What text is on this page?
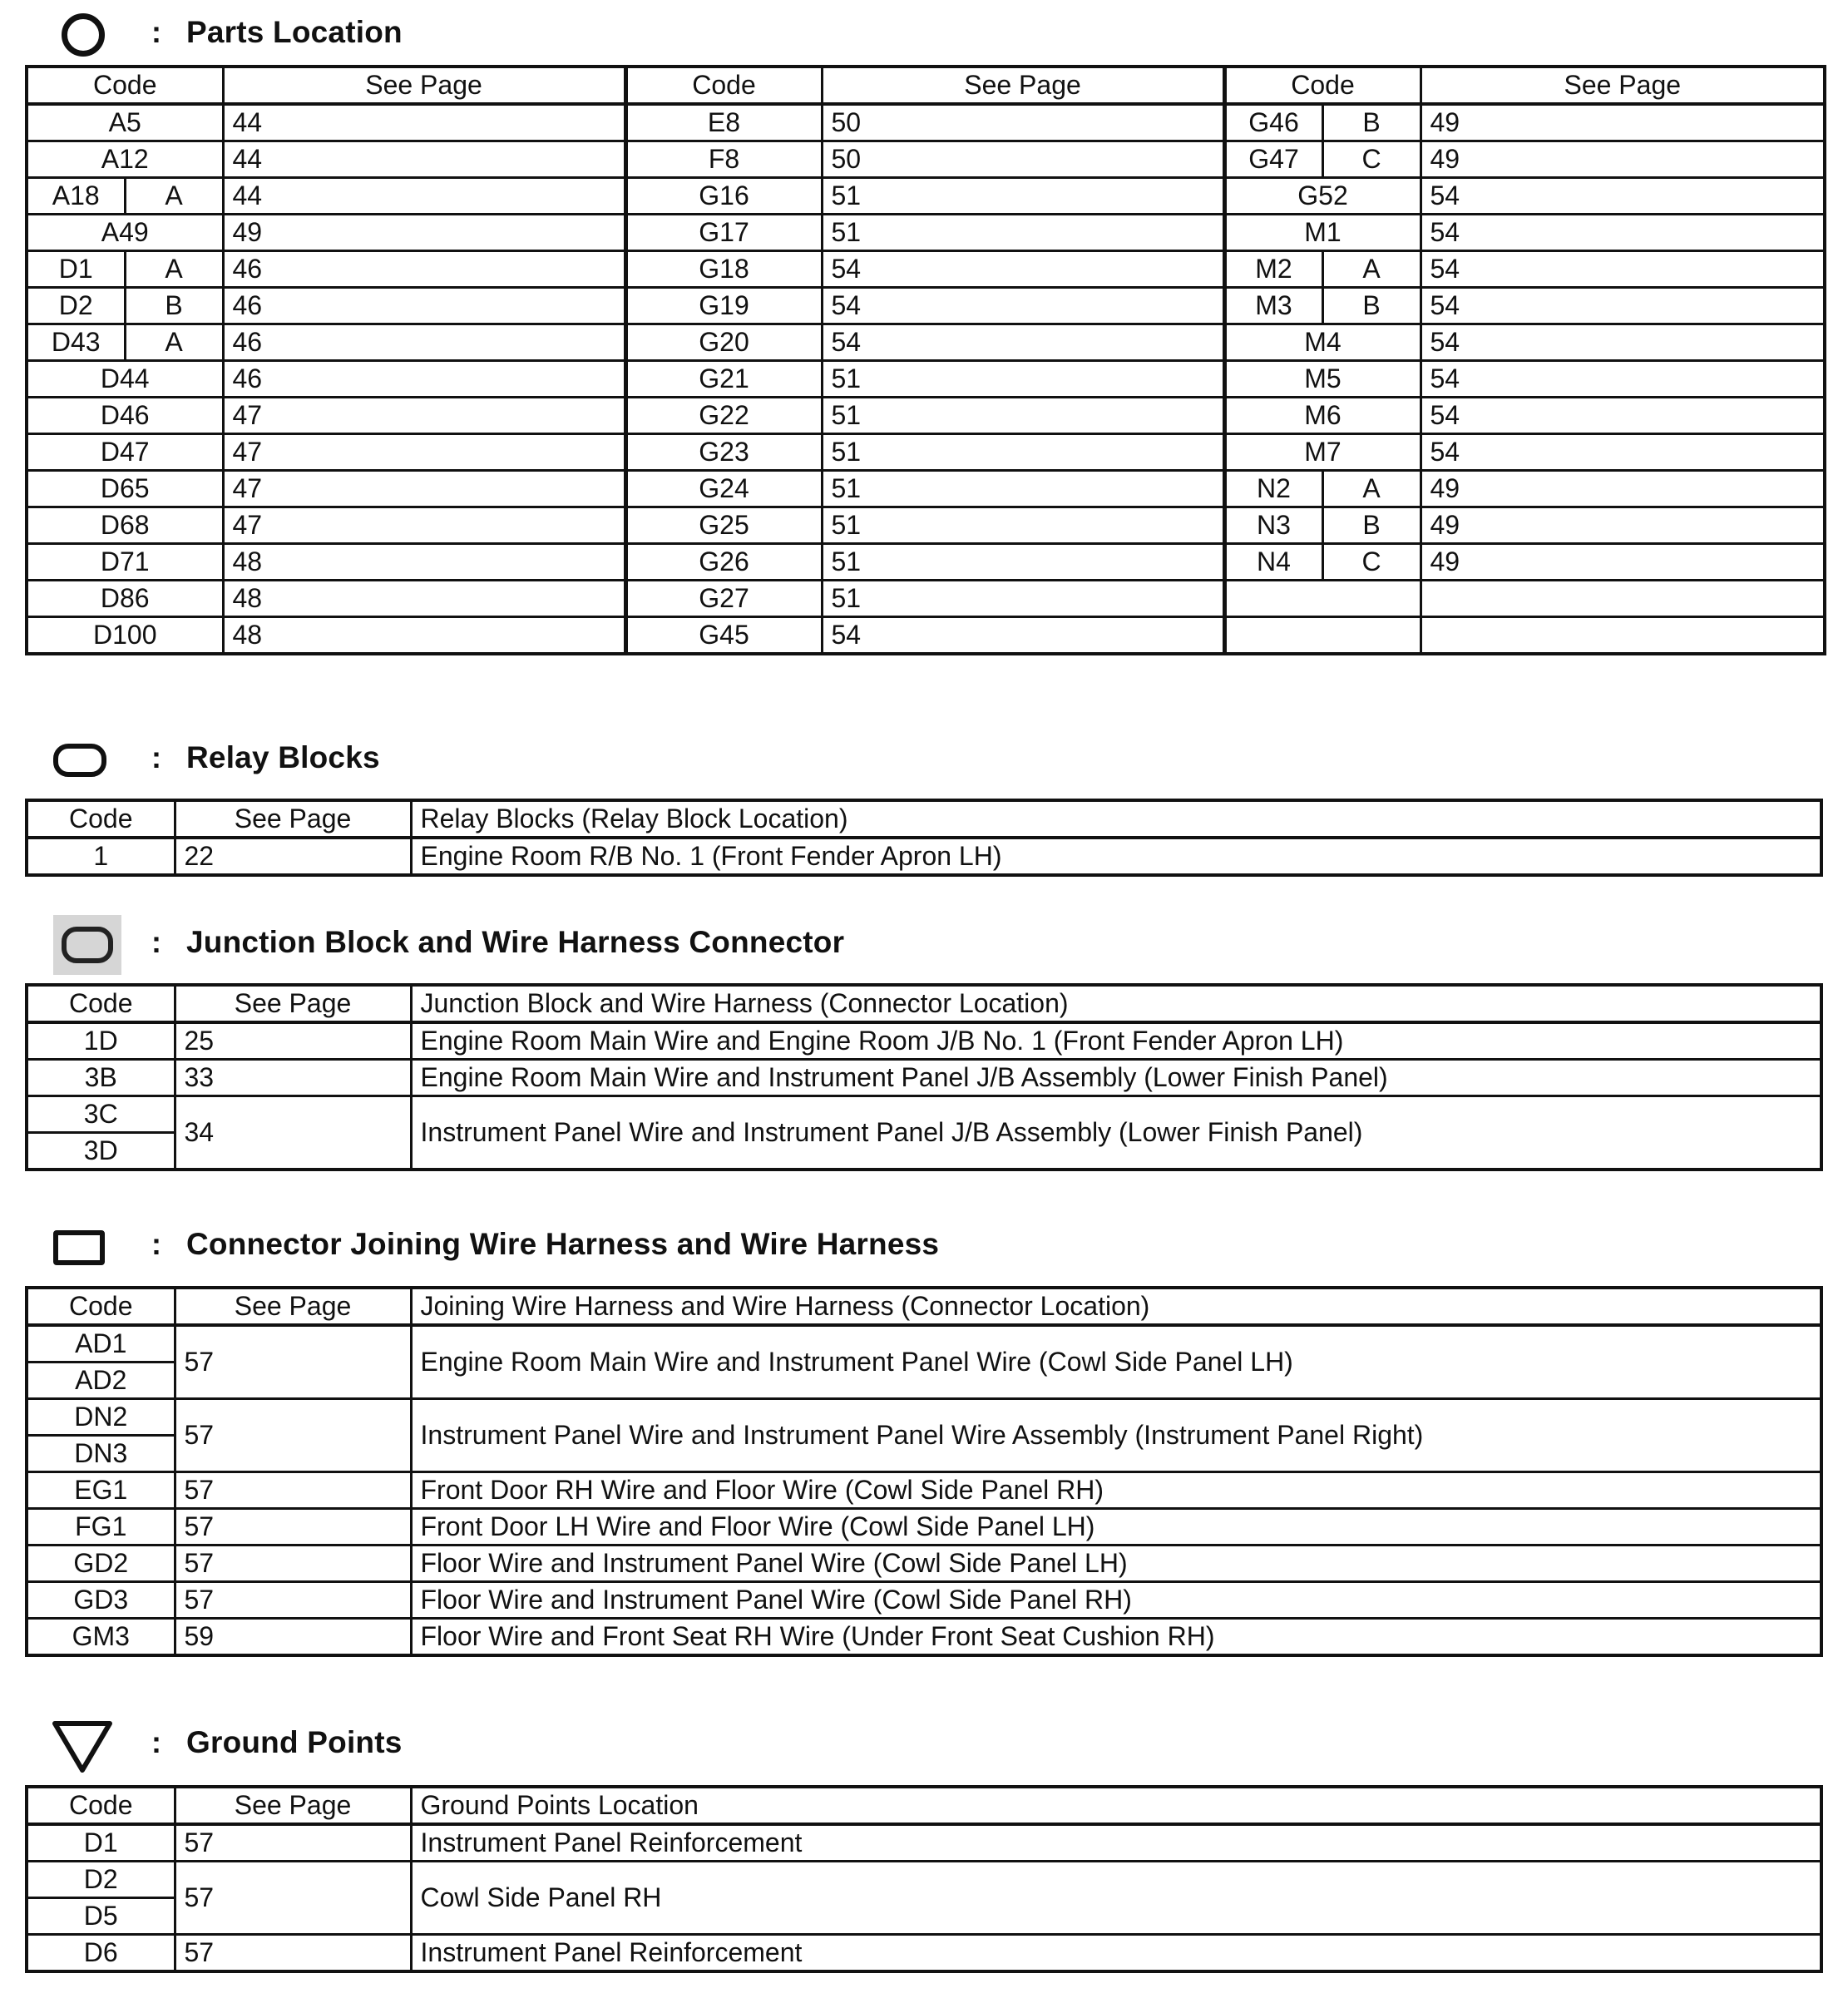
: Parts Location
Code		See Page	Code	See Page	Code		See Page
A5		44	E8	50	G46	B	49
A12		44	F8	50	G47	C	49
A18	A	44	G16	51	G52		54
A49		49	G17	51	M1		54
D1	A	46	G18	54	M2	A	54
D2	B	46	G19	54	M3	B	54
D43	A	46	G20	54	M4		54
D44		46	G21	51	M5		54
D46		47	G22	51	M6		54
D47		47	G23	51	M7		54
D65		47	G24	51	N2	A	49
D68		47	G25	51	N3	B	49
D71		48	G26	51	N4	C	49
D86		48	G27	51			
D100		48	G45	54			
: Relay Blocks
Code	See Page	Relay Blocks (Relay Block Location)
1	22	Engine Room R/B No. 1 (Front Fender Apron LH)
: Junction Block and Wire Harness Connector
Code	See Page	Junction Block and Wire Harness (Connector Location)
1D	25	Engine Room Main Wire and Engine Room J/B No. 1 (Front Fender Apron LH)
3B	33	Engine Room Main Wire and Instrument Panel J/B Assembly (Lower Finish Panel)
3C	34	Instrument Panel Wire and Instrument Panel J/B Assembly (Lower Finish Panel)
3D		
: Connector Joining Wire Harness and Wire Harness
Code	See Page	Joining Wire Harness and Wire Harness (Connector Location)
AD1	57	Engine Room Main Wire and Instrument Panel Wire (Cowl Side Panel LH)
AD2		
DN2	57	Instrument Panel Wire and Instrument Panel Wire Assembly (Instrument Panel Right)
DN3		
EG1	57	Front Door RH Wire and Floor Wire (Cowl Side Panel RH)
FG1	57	Front Door LH Wire and Floor Wire (Cowl Side Panel LH)
GD2	57	Floor Wire and Instrument Panel Wire (Cowl Side Panel LH)
GD3	57	Floor Wire and Instrument Panel Wire (Cowl Side Panel RH)
GM3	59	Floor Wire and Front Seat RH Wire (Under Front Seat Cushion RH)
: Ground Points
Code	See Page	Ground Points Location
D1	57	Instrument Panel Reinforcement
D2	57	Cowl Side Panel RH
D5		
D6	57	Instrument Panel Reinforcement
